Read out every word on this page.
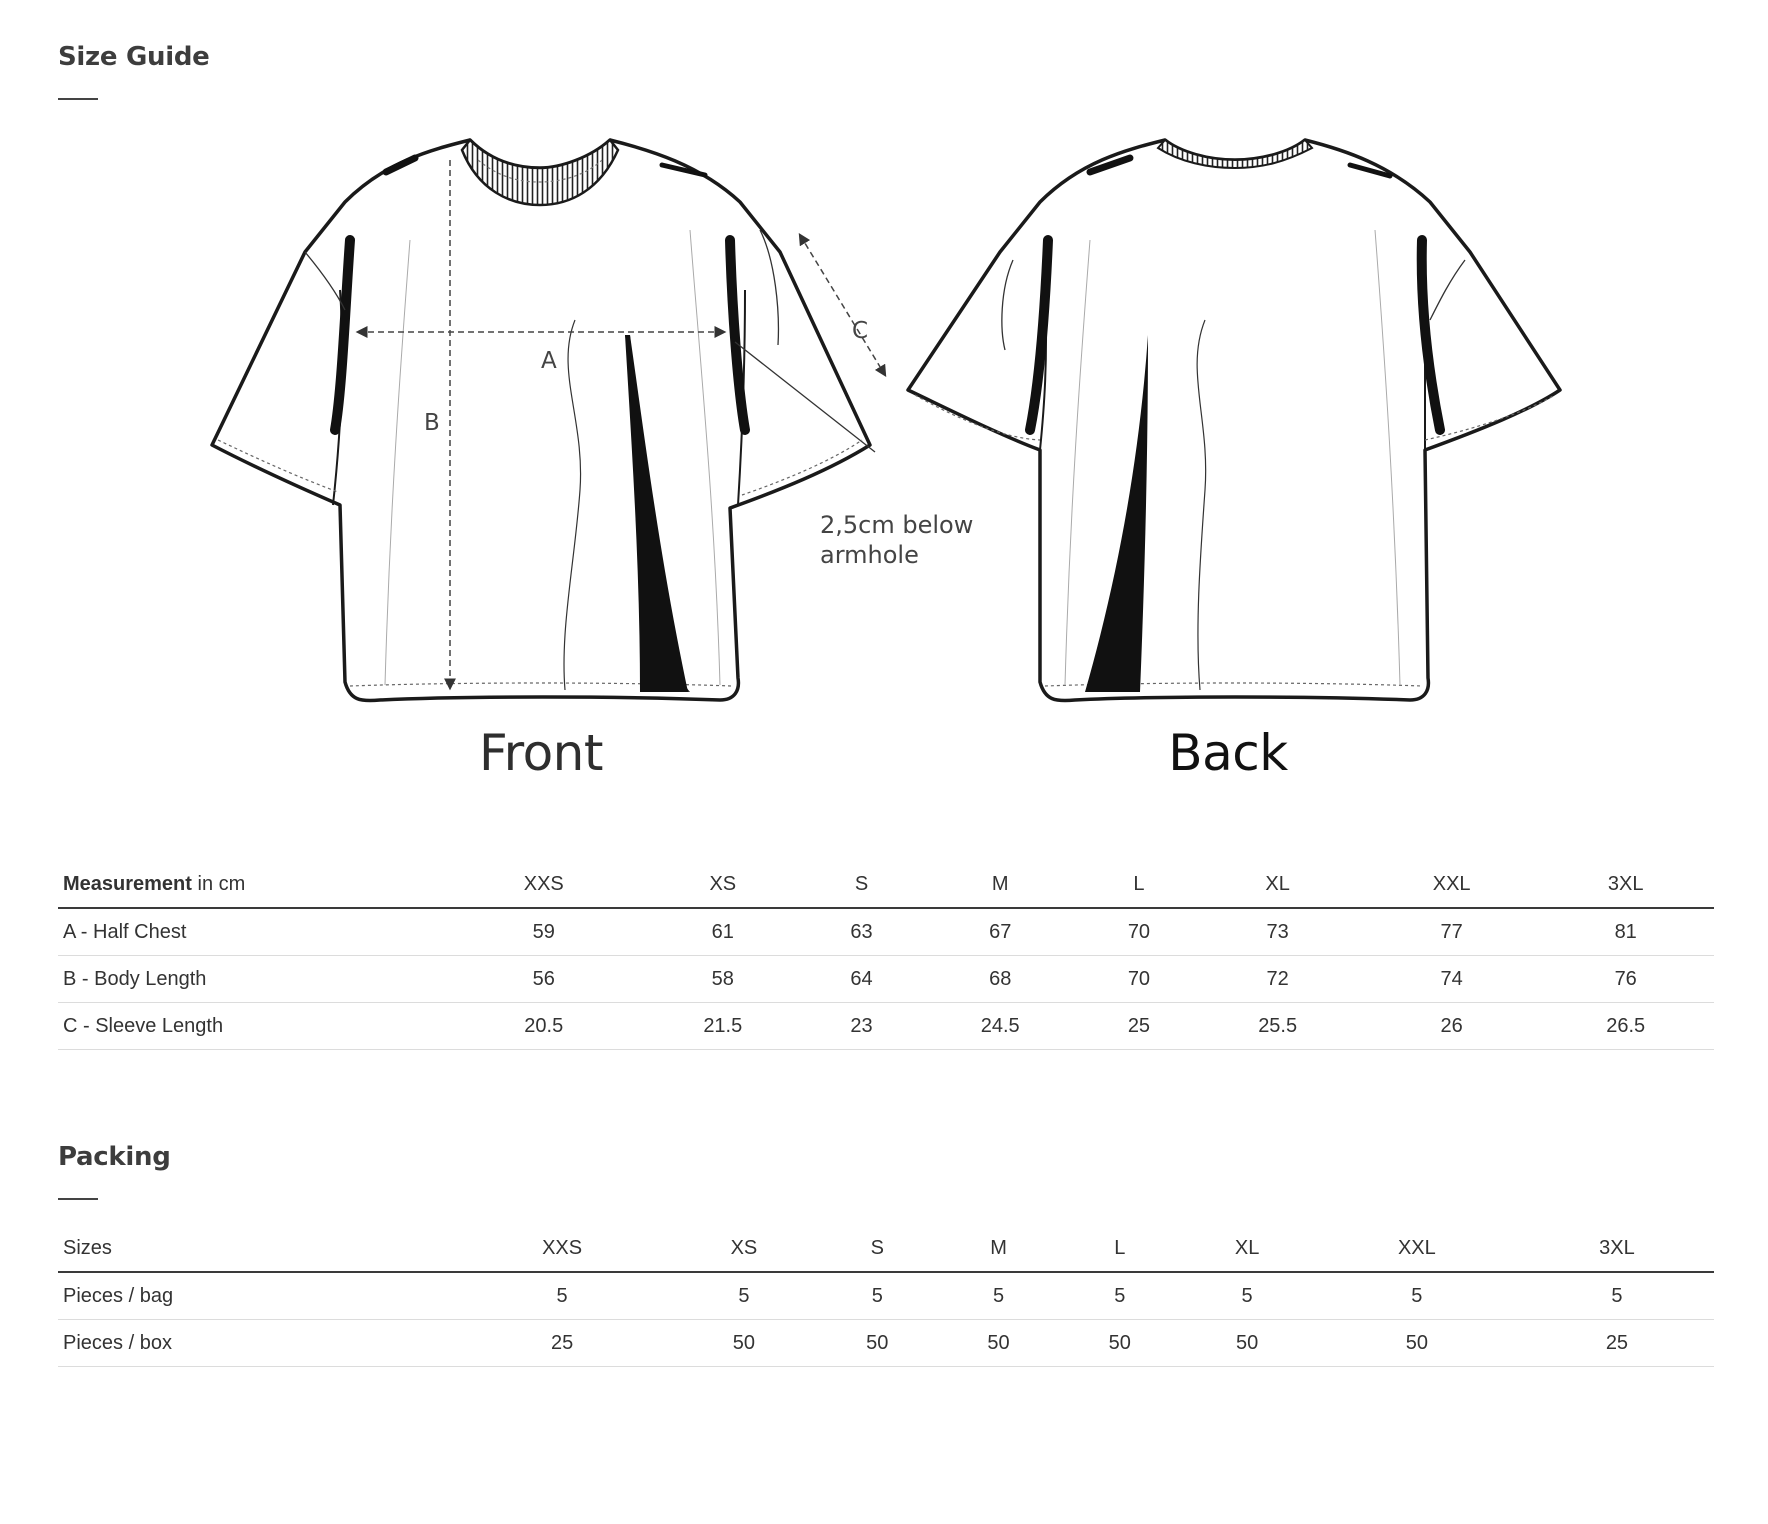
Size Guide
A
B
C
2,5cm below
armhole
Front	Back
Measurement in cm	XXS	XS	S	M	L	XL	XXL	3XL
A - Half Chest	59	61	63	67	70	73	77	81
B - Body Length	56	58	64	68	70	72	74	76
C - Sleeve Length	20.5	21.5	23	24.5	25	25.5	26	26.5
Packing
Sizes	XXS	XS	S	M	L	XL	XXL	3XL
Pieces / bag	5	5	5	5	5	5	5	5
Pieces / box	25	50	50	50	50	50	50	25
